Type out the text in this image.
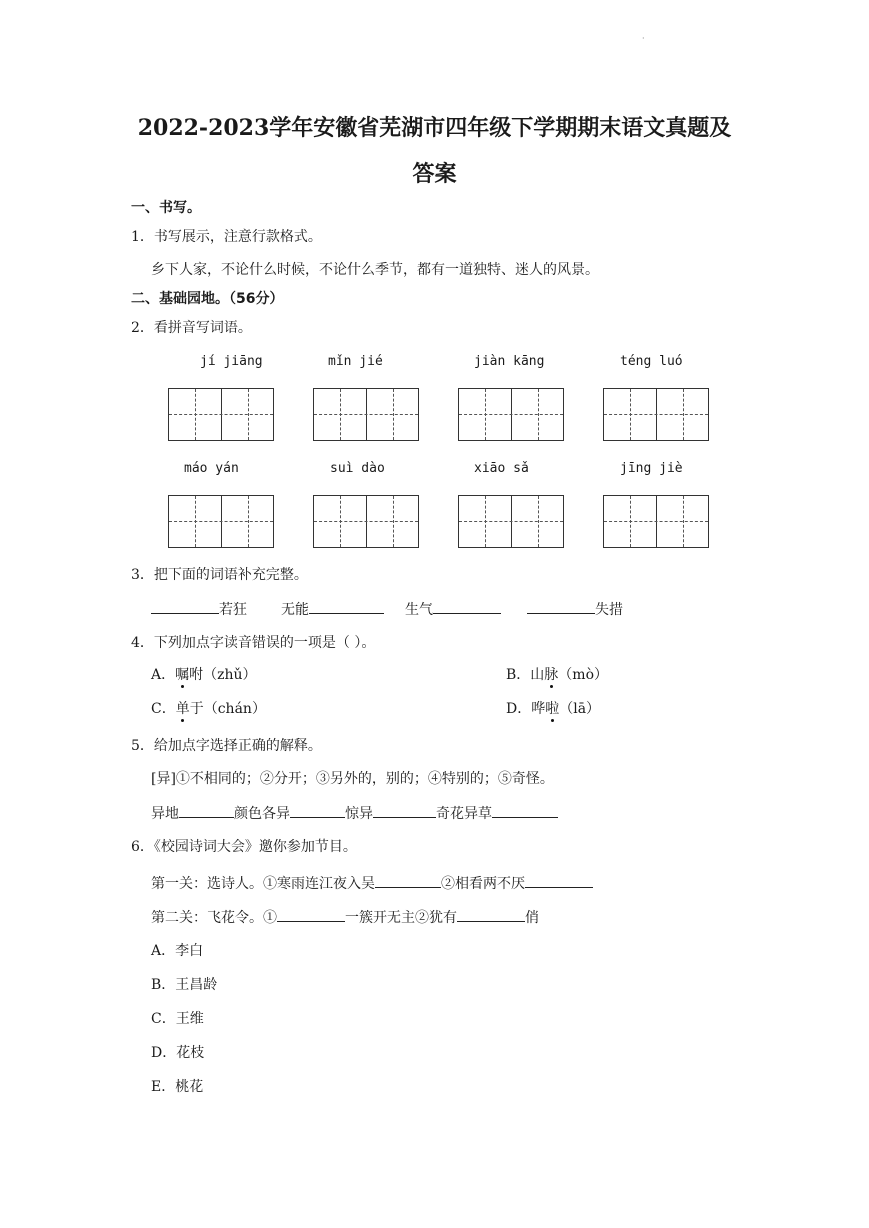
·
2022-2023学年安徽省芜湖市四年级下学期期末语文真题及
答案
一、书写。
1．书写展示，注意行款格式。
乡下人家，不论什么时候，不论什么季节，都有一道独特、迷人的风景。
二、基础园地。（56分）
2．看拼音写词语。
jí jiāng	mǐn jié	jiàn kāng	téng luó
máo yán	suì dào	xiāo sǎ	jīng jiè
3．把下面的词语补充完整。
若狂 无能	生气	失措
4．下列加点字读音错误的一项是（ ）。
A．嘱咐（zhǔ）	B．山脉（mò）
C．单于（chán）	D．哗啦（lā）
5．给加点字选择正确的解释。
[异]①不相同的；②分开；③另外的，别的；④特别的；⑤奇怪。
异地	颜色各异	惊异	奇花异草
6．《校园诗词大会》邀你参加节目。
第一关：选诗人。①寒雨连江夜入吴	②相看两不厌
第二关：飞花令。①	一簇开无主②犹有	俏
A．李白
B．王昌龄
C．王维
D．花枝
E．桃花
